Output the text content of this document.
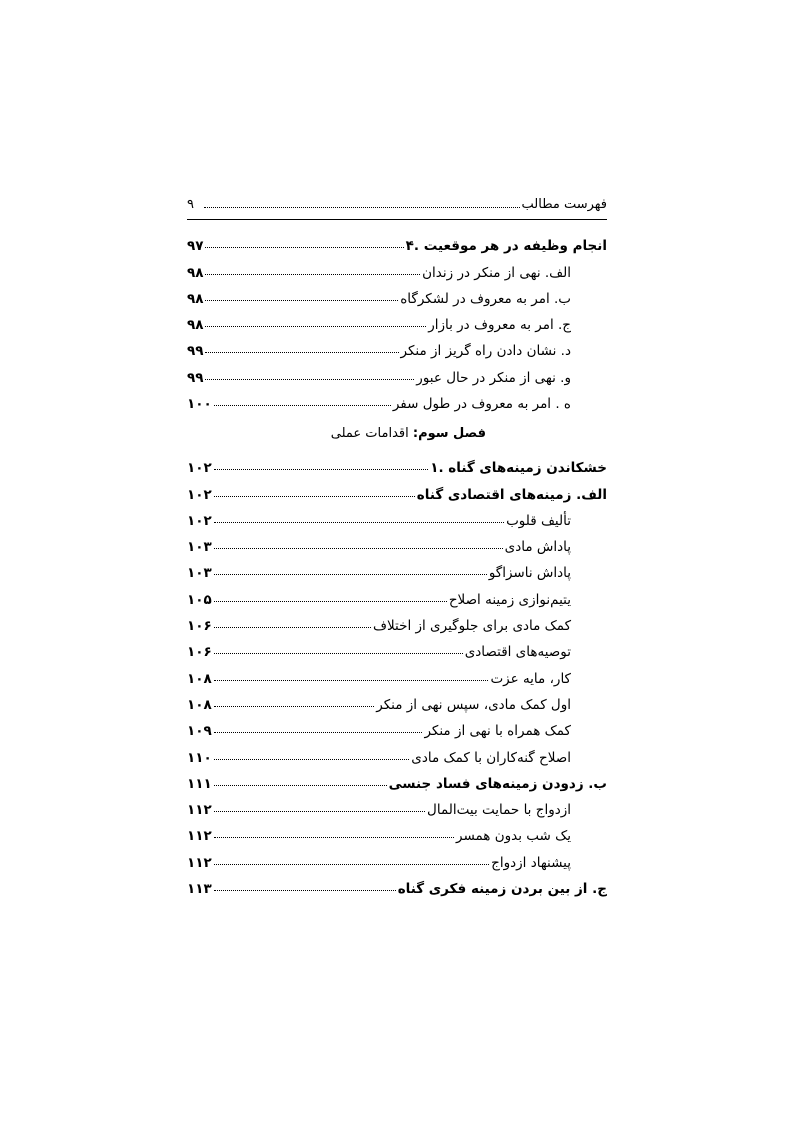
فهرست مطالب
۹
۴. انجام وظیفه در هر موقعیت
۹۷
الف. نهی از منکر در زندان
۹۸
ب. امر به معروف در لشکرگاه
۹۸
ج. امر به معروف در بازار
۹۸
د. نشان دادن راه گریز از منکر
۹۹
و. نهی از منکر در حال عبور
۹۹
ه . امر به معروف در طول سفر
۱۰۰
فصل سوم: اقدامات عملی
۱. خشکاندن زمینه‌های گناه
۱۰۲
الف. زمینه‌های اقتصادی گناه
۱۰۲
تألیف قلوب
۱۰۲
پاداش مادی
۱۰۳
پاداش ناسزاگو
۱۰۳
یتیم‌نوازی زمینه اصلاح
۱۰۵
کمک مادی برای جلوگیری از اختلاف
۱۰۶
توصیه‌های اقتصادی
۱۰۶
کار، مایه عزت
۱۰۸
اول کمک مادی، سپس نهی از منکر
۱۰۸
کمک همراه با نهی از منکر
۱۰۹
اصلاح گنه‌کاران با کمک مادی
۱۱۰
ب. زدودن زمینه‌های فساد جنسی
۱۱۱
ازدواج با حمایت بیت‌المال
۱۱۲
یک شب بدون همسر
۱۱۲
پیشنهاد ازدواج
۱۱۲
ج. از بین بردن زمینه فکری گناه
۱۱۳
